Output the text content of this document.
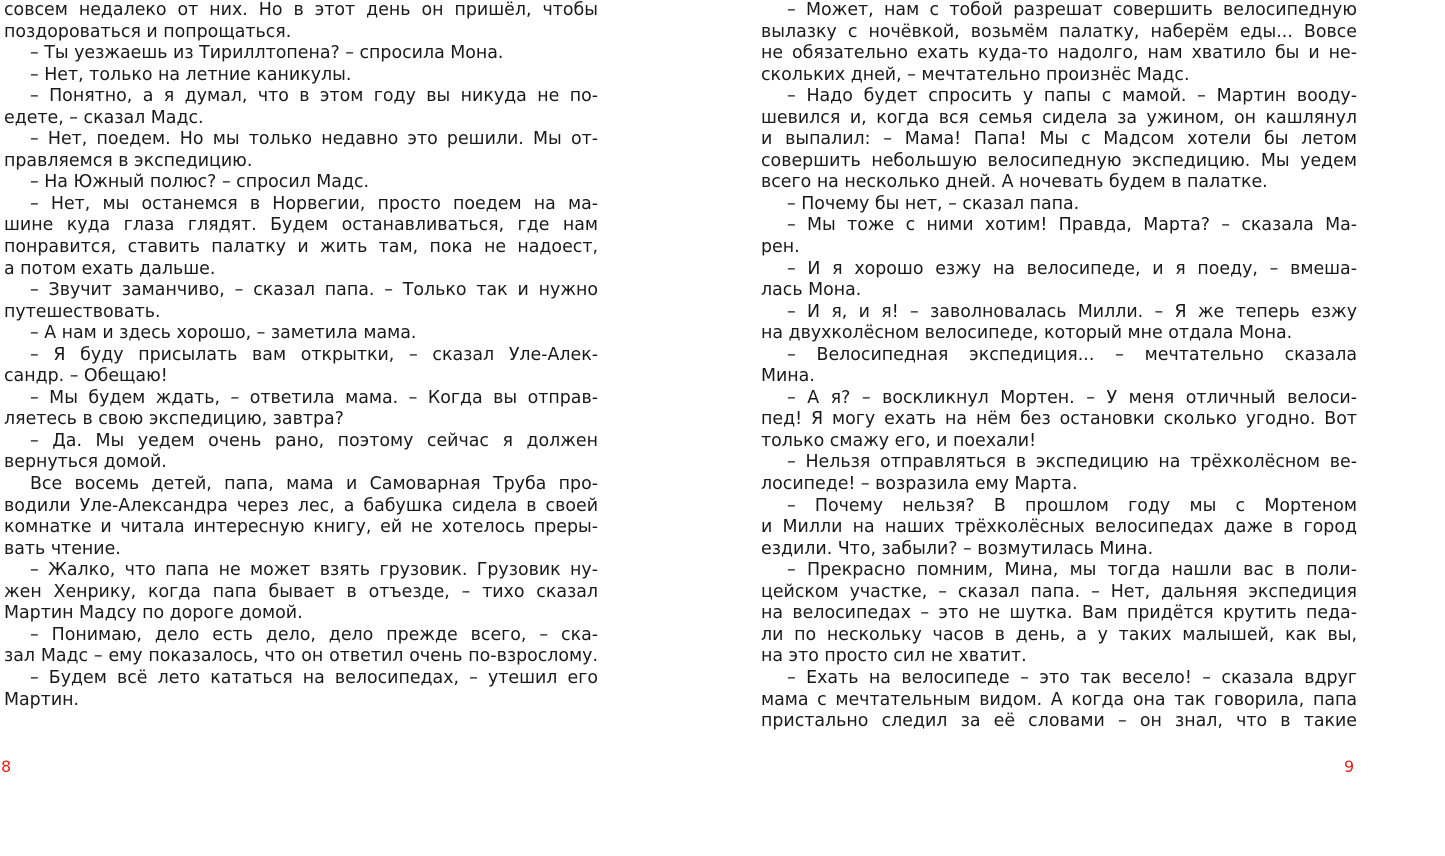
совсем недалеко от них. Но в этот день он пришёл, чтобы
поздороваться и попрощаться.
– Ты уезжаешь из Тириллтопена? – спросила Мона.
– Нет, только на летние каникулы.
– Понятно, а я думал, что в этом году вы никуда не по-
едете, – сказал Мадс.
– Нет, поедем. Но мы только недавно это решили. Мы от-
правляемся в экспедицию.
– На Южный полюс? – спросил Мадс.
– Нет, мы останемся в Норвегии, просто поедем на ма-
шине куда глаза глядят. Будем останавливаться, где нам
понравится, ставить палатку и жить там, пока не надоест,
а потом ехать дальше.
– Звучит заманчиво, – сказал папа. – Только так и нужно
путешествовать.
– А нам и здесь хорошо, – заметила мама.
– Я буду присылать вам открытки, – сказал Уле-Алек-
сандр. – Обещаю!
– Мы будем ждать, – ответила мама. – Когда вы отправ-
ляетесь в свою экспедицию, завтра?
– Да. Мы уедем очень рано, поэтому сейчас я должен
вернуться домой.
Все восемь детей, папа, мама и Самоварная Труба про-
водили Уле-Александра через лес, а бабушка сидела в своей
комнатке и читала интересную книгу, ей не хотелось преры-
вать чтение.
– Жалко, что папа не может взять грузовик. Грузовик ну-
жен Хенрику, когда папа бывает в отъезде, – тихо сказал
Мартин Мадсу по дороге домой.
– Понимаю, дело есть дело, дело прежде всего, – ска-
зал Мадс – ему показалось, что он ответил очень по-взрослому.
– Будем всё лето кататься на велосипедах, – утешил его
Мартин.
8
– Может, нам с тобой разрешат совершить велосипедную
вылазку с ночёвкой, возьмём палатку, наберём еды... Вовсе
не обязательно ехать куда-то надолго, нам хватило бы и не-
скольких дней, – мечтательно произнёс Мадс.
– Надо будет спросить у папы с мамой. – Мартин вооду-
шевился и, когда вся семья сидела за ужином, он кашлянул
и выпалил: – Мама! Папа! Мы с Мадсом хотели бы летом
совершить небольшую велосипедную экспедицию. Мы уедем
всего на несколько дней. А ночевать будем в палатке.
– Почему бы нет, – сказал папа.
– Мы тоже с ними хотим! Правда, Марта? – сказала Ма-
рен.
– И я хорошо езжу на велосипеде, и я поеду, – вмеша-
лась Мона.
– И я, и я! – заволновалась Милли. – Я же теперь езжу
на двухколёсном велосипеде, который мне отдала Мона.
– Велосипедная экспедиция... – мечтательно сказала
Мина.
– А я? – воскликнул Мортен. – У меня отличный велоси-
пед! Я могу ехать на нём без остановки сколько угодно. Вот
только смажу его, и поехали!
– Нельзя отправляться в экспедицию на трёхколёсном ве-
лосипеде! – возразила ему Марта.
– Почему нельзя? В прошлом году мы с Мортеном
и Милли на наших трёхколёсных велосипедах даже в город
ездили. Что, забыли? – возмутилась Мина.
– Прекрасно помним, Мина, мы тогда нашли вас в поли-
цейском участке, – сказал папа. – Нет, дальняя экспедиция
на велосипедах – это не шутка. Вам придётся крутить педа-
ли по нескольку часов в день, а у таких малышей, как вы,
на это просто сил не хватит.
– Ехать на велосипеде – это так весело! – сказала вдруг
мама с мечтательным видом. А когда она так говорила, папа
пристально следил за её словами – он знал, что в такие
9
